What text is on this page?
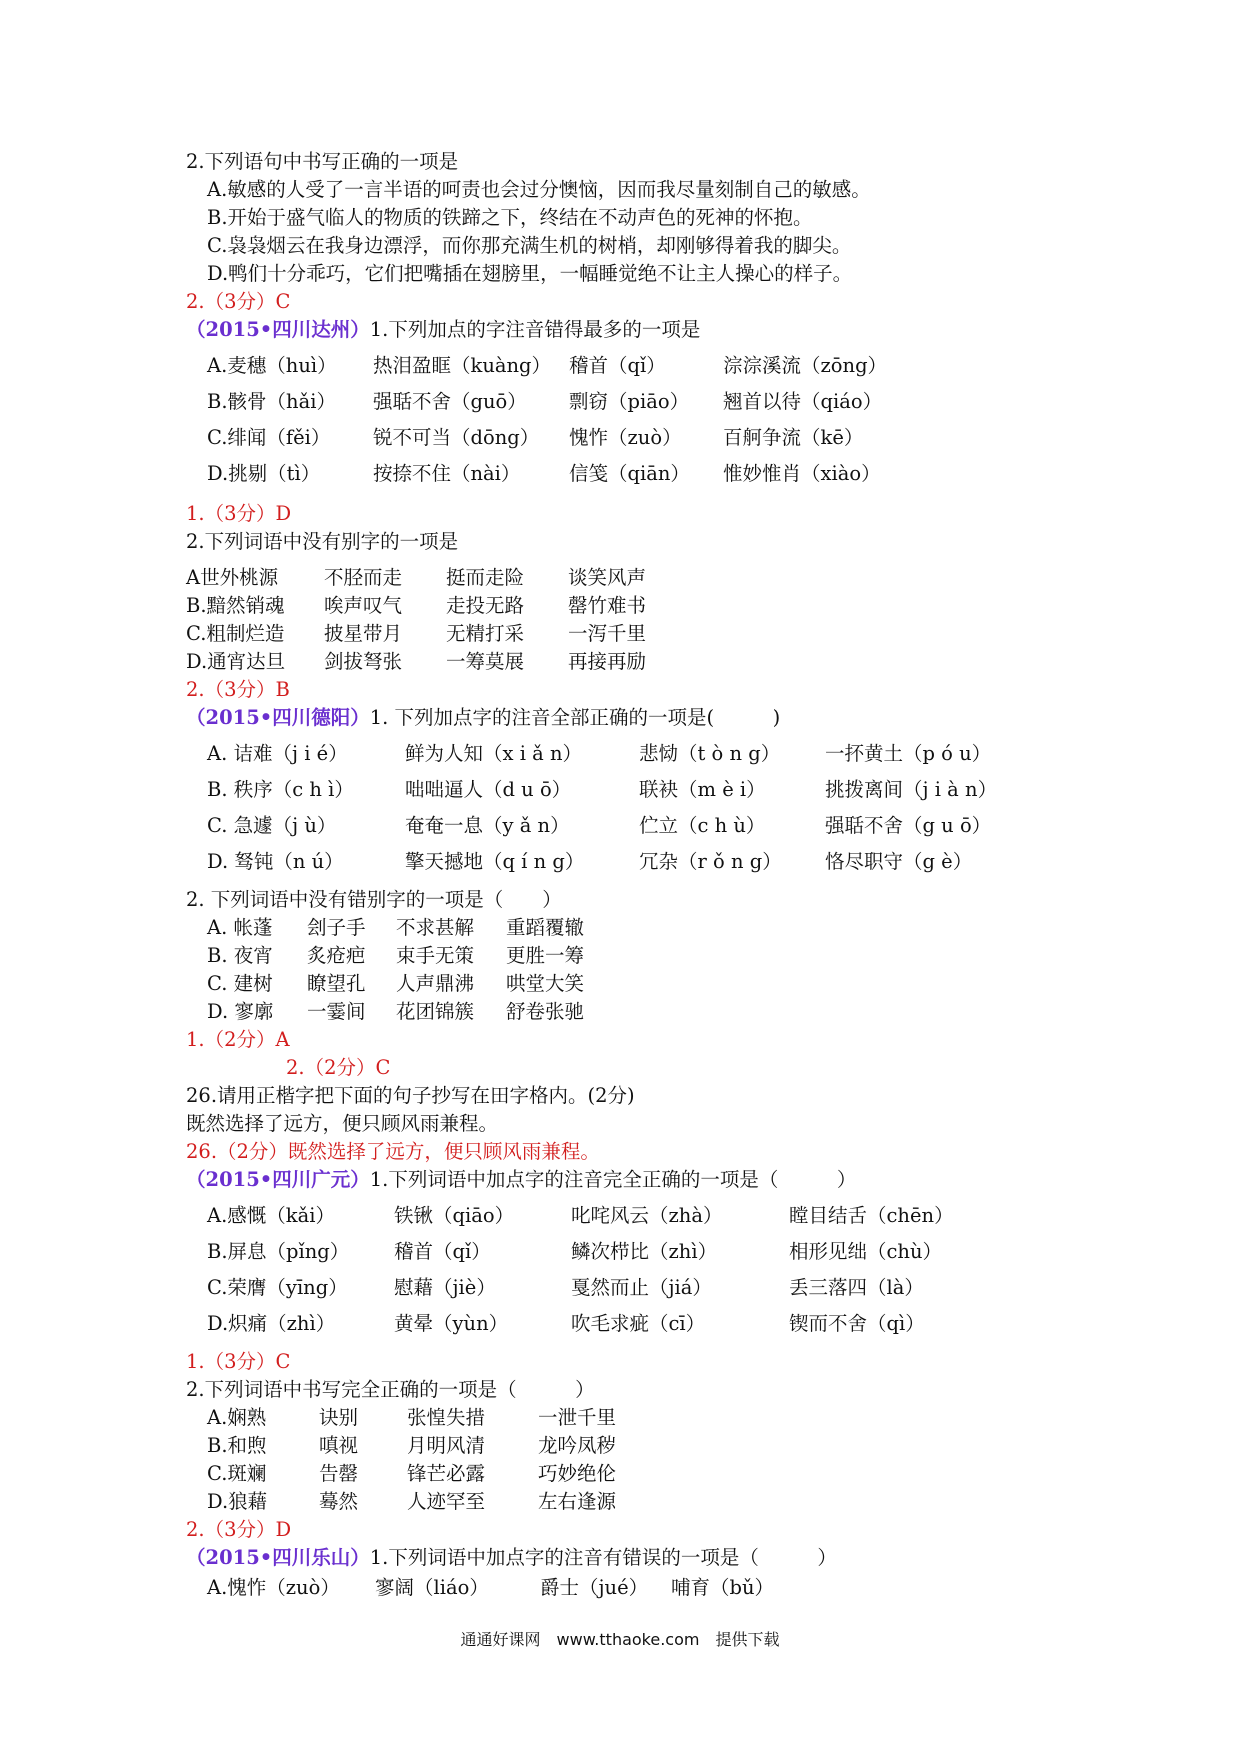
2.下列语句中书写正确的一项是
A.敏感的人受了一言半语的呵责也会过分懊恼，因而我尽量刻制自己的敏感。
B.开始于盛气临人的物质的铁蹄之下，终结在不动声色的死神的怀抱。
C.袅袅烟云在我身边漂浮，而你那充满生机的树梢，却刚够得着我的脚尖。
D.鸭们十分乖巧，它们把嘴插在翅膀里，一幅睡觉绝不让主人操心的样子。
2.（3分）C
（2015•四川达州） 1.下列加点的字注音错得最多的一项是
A.麦穗（huì）	热泪盈眶（kuàng） 稽首（qǐ）	淙淙溪流（zōng）
B.骸骨（hǎi）	强聒不舍（guō）	剽窃（piāo）	翘首以待（qiáo）
C.绯闻（fěi）	锐不可当（dōng）	愧怍（zuò）	百舸争流（kē）
D.挑剔（tì）	按捺不住（nài）	信笺（qiān）	惟妙惟肖（xiào）
1.（3分）D
2.下列词语中没有别字的一项是
A世外桃源	不胫而走	挺而走险	谈笑风声
B.黯然销魂	唉声叹气	走投无路	罄竹难书
C.粗制烂造	披星带月	无精打采	一泻千里
D.通宵达旦	剑拔弩张	一筹莫展	再接再励
2.（3分）B
（2015•四川德阳） 1. 下列加点字的注音全部正确的一项是(　　　)
A. 诘难（j i é）	鲜为人知（x i ǎ n）	悲恸（t ò n g）	一抔黄土（p ó u）
B. 秩序（c h ì）	咄咄逼人（d u ō）	联袂（m è i）	挑拨离间（j i à n）
C. 急遽（j ù）	奄奄一息（y ǎ n）	伫立（c h ù）	强聒不舍（g u ō）
D. 驽钝（n ú）	擎天撼地（q í n g）	冗杂（r ǒ n g）	恪尽职守（g è）
2. 下列词语中没有错别字的一项是（　　）
A. 帐蓬	刽子手	不求甚解	重蹈覆辙
B. 夜宵	炙疮疤	束手无策	更胜一筹
C. 建树	瞭望孔	人声鼎沸	哄堂大笑
D. 寥廓	一霎间	花团锦簇	舒卷张驰
1.（2分）A
2.（2分）C
26.请用正楷字把下面的句子抄写在田字格内。(2分)
既然选择了远方，便只顾风雨兼程。
26.（2分）既然选择了远方，便只顾风雨兼程。
（2015•四川广元） 1.下列词语中加点字的注音完全正确的一项是（　　　）
A.感慨（kǎi）	铁锹（qiāo）	叱咤风云（zhà）	瞠目结舌（chēn）
B.屏息（pǐng）	稽首（qǐ）	鳞次栉比（zhì）	相形见绌（chù）
C.荣膺（yīng）	慰藉（jiè）	戛然而止（jiá）	丢三落四（là）
D.炽痛（zhì）	黄晕（yùn）	吹毛求疵（cī）	锲而不舍（qì）
1.（3分）C
2.下列词语中书写完全正确的一项是（　　　）
A.娴熟	诀别	张惶失措	一泄千里
B.和煦	嗔视	月明风清	龙吟凤秽
C.斑斓	告罄	锋芒必露	巧妙绝伦
D.狼藉	蓦然	人迹罕至	左右逢源
2.（3分）D
（2015•四川乐山） 1.下列词语中加点字的注音有错误的一项是（　　　）
A.愧怍（zuò）	寥阔（liáo）	爵士（jué）	哺育（bǔ）
通通好课网　www.tthaoke.com　提供下载
